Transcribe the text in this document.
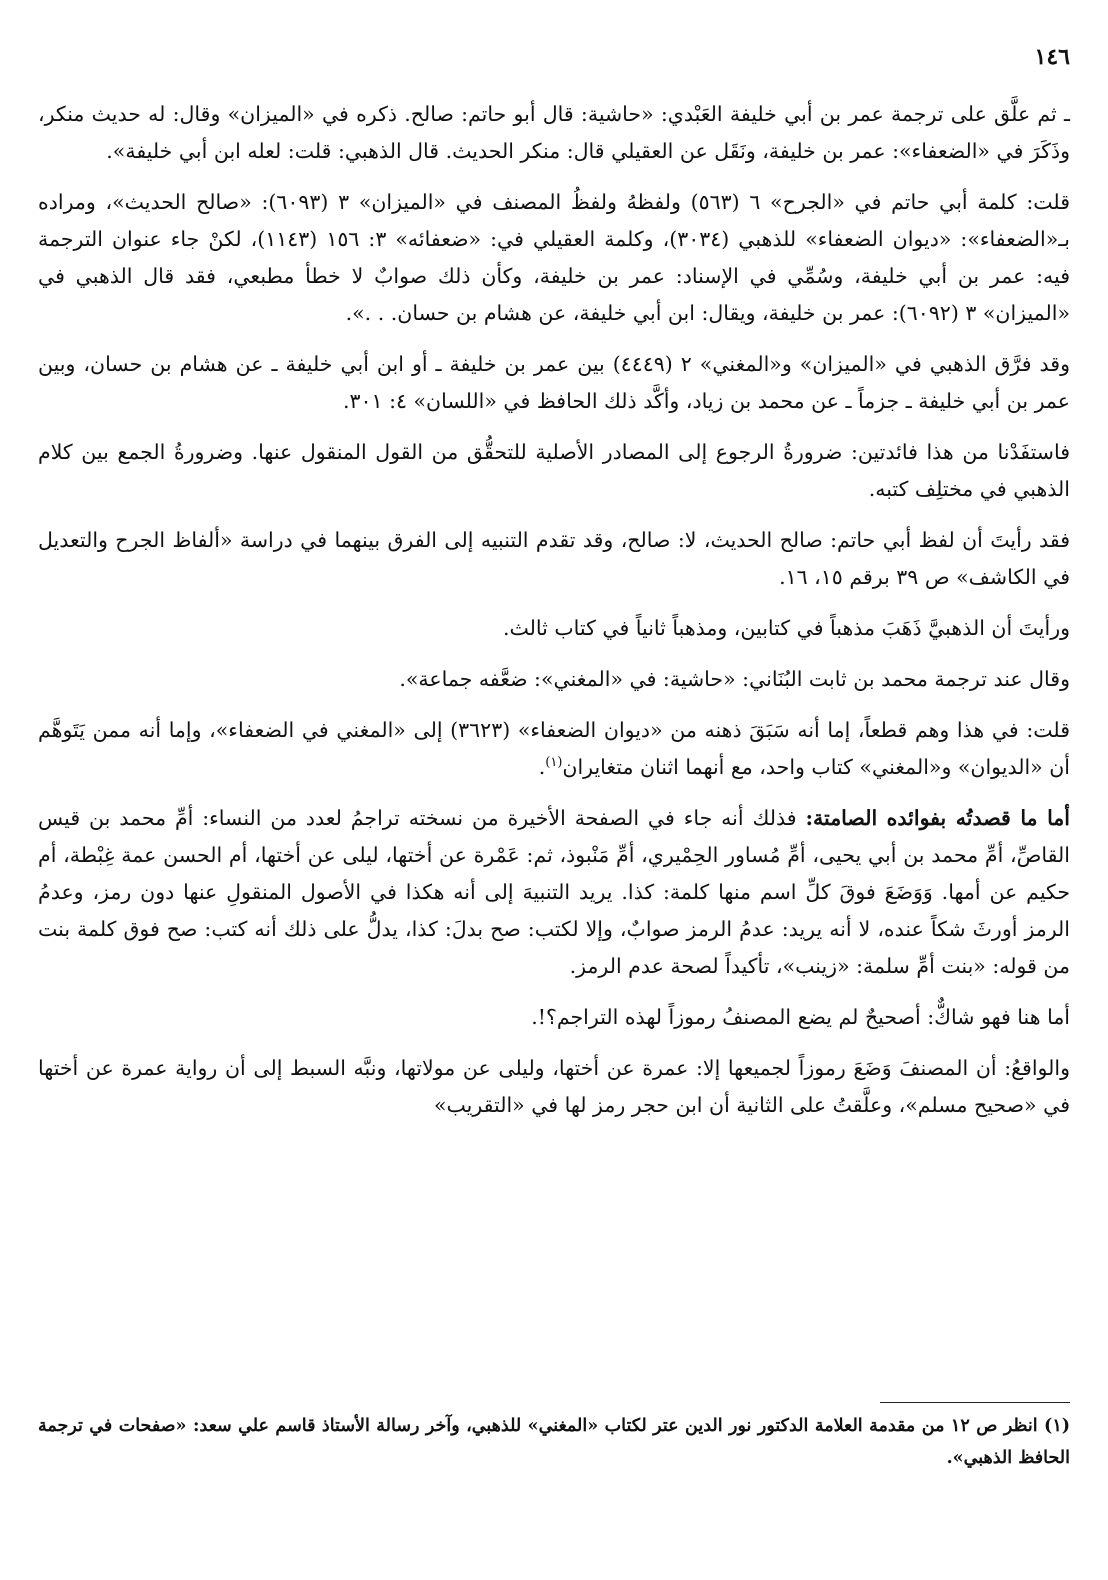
١٤٦

ـ ثم علَّق على ترجمة عمر بن أبي خليفة العَبْدي: «حاشية: قال أبو حاتم: صالح. ذكره في «الميزان» وقال: له حديث منكر، وذَكَرَ في «الضعفاء»: عمر بن خليفة، ونَقَل عن العقيلي قال: منكر الحديث. قال الذهبي: قلت: لعله ابن أبي خليفة».

قلت: كلمة أبي حاتم في «الجرح» ٦ (٥٦٣) ولفظهُ ولفظُ المصنف في «الميزان» ٣ (٦٠٩٣): «صالح الحديث»، ومراده بـ«الضعفاء»: «ديوان الضعفاء» للذهبي (٣٠٣٤)، وكلمة العقيلي في: «ضعفائه» ٣: ١٥٦ (١١٤٣)، لكنْ جاء عنوان الترجمة فيه: عمر بن أبي خليفة، وسُمِّي في الإسناد: عمر بن خليفة، وكأن ذلك صوابٌ لا خطأ مطبعي، فقد قال الذهبي في «الميزان» ٣ (٦٠٩٢): عمر بن خليفة، ويقال: ابن أبي خليفة، عن هشام بن حسان. . .».

وقد فرَّق الذهبي في «الميزان» و«المغني» ٢ (٤٤٤٩) بين عمر بن خليفة ـ أو ابن أبي خليفة ـ عن هشام بن حسان، وبين عمر بن أبي خليفة ـ جزماً ـ عن محمد بن زياد، وأكَّد ذلك الحافظ في «اللسان» ٤: ٣٠١.

فاستفَدْنا من هذا فائدتين: ضرورةُ الرجوع إلى المصادر الأصلية للتحقُّق من القول المنقول عنها. وضرورةُ الجمع بين كلام الذهبي في مختلِف كتبه.

فقد رأيتَ أن لفظ أبي حاتم: صالح الحديث، لا: صالح، وقد تقدم التنبيه إلى الفرق بينهما في دراسة «ألفاظ الجرح والتعديل في الكاشف» ص ٣٩ برقم ١٥، ١٦.

ورأيتَ أن الذهبيَّ ذَهَبَ مذهباً في كتابين، ومذهباً ثانياً في كتاب ثالث.

وقال عند ترجمة محمد بن ثابت البُنَاني: «حاشية: في «المغني»: ضعَّفه جماعة».

قلت: في هذا وهم قطعاً، إما أنه سَبَقَ ذهنه من «ديوان الضعفاء» (٣٦٢٣) إلى «المغني في الضعفاء»، وإما أنه ممن يَتَوهَّم أن «الديوان» و«المغني» كتاب واحد، مع أنهما اثنان متغايران$^{(١)}$.

أما ما قصدتُه بفوائده الصامتة: فذلك أنه جاء في الصفحة الأخيرة من نسخته تراجمُ لعدد من النساء: أمِّ محمد بن قيس القاصِّ، أمِّ محمد بن أبي يحيى، أمِّ مُساور الحِمْيري، أمِّ مَنْبوذ، ثم: عَمْرة عن أختها، ليلى عن أختها، أم الحسن عمة غِبْطة، أم حكيم عن أمها. وَوَضَعَ فوقَ كلِّ اسم منها كلمة: كذا. يريد التنبيهَ إلى أنه هكذا في الأصول المنقولِ عنها دون رمز، وعدمُ الرمز أورثَ شكاً عنده، لا أنه يريد: عدمُ الرمز صوابٌ، وإلا لكتب: صح بدلَ: كذا، يدلُّ على ذلك أنه كتب: صح فوق كلمة بنت من قوله: «بنت أمِّ سلمة: «زينب»، تأكيداً لصحة عدم الرمز.

أما هنا فهو شاكٌّ: أصحيحٌ لم يضع المصنفُ رموزاً لهذه التراجم؟!.

والواقعُ: أن المصنفَ وَضَعَ رموزاً لجميعها إلا: عمرة عن أختها، وليلى عن مولاتها، ونبَّه السبط إلى أن رواية عمرة عن أختها في «صحيح مسلم»، وعلَّقتُ على الثانية أن ابن حجر رمز لها في «التقريب»

(١) انظر ص ١٢ من مقدمة العلامة الدكتور نور الدين عتر لكتاب «المغني» للذهبي، وآخر رسالة الأستاذ قاسم علي سعد: «صفحات في ترجمة الحافظ الذهبي».
